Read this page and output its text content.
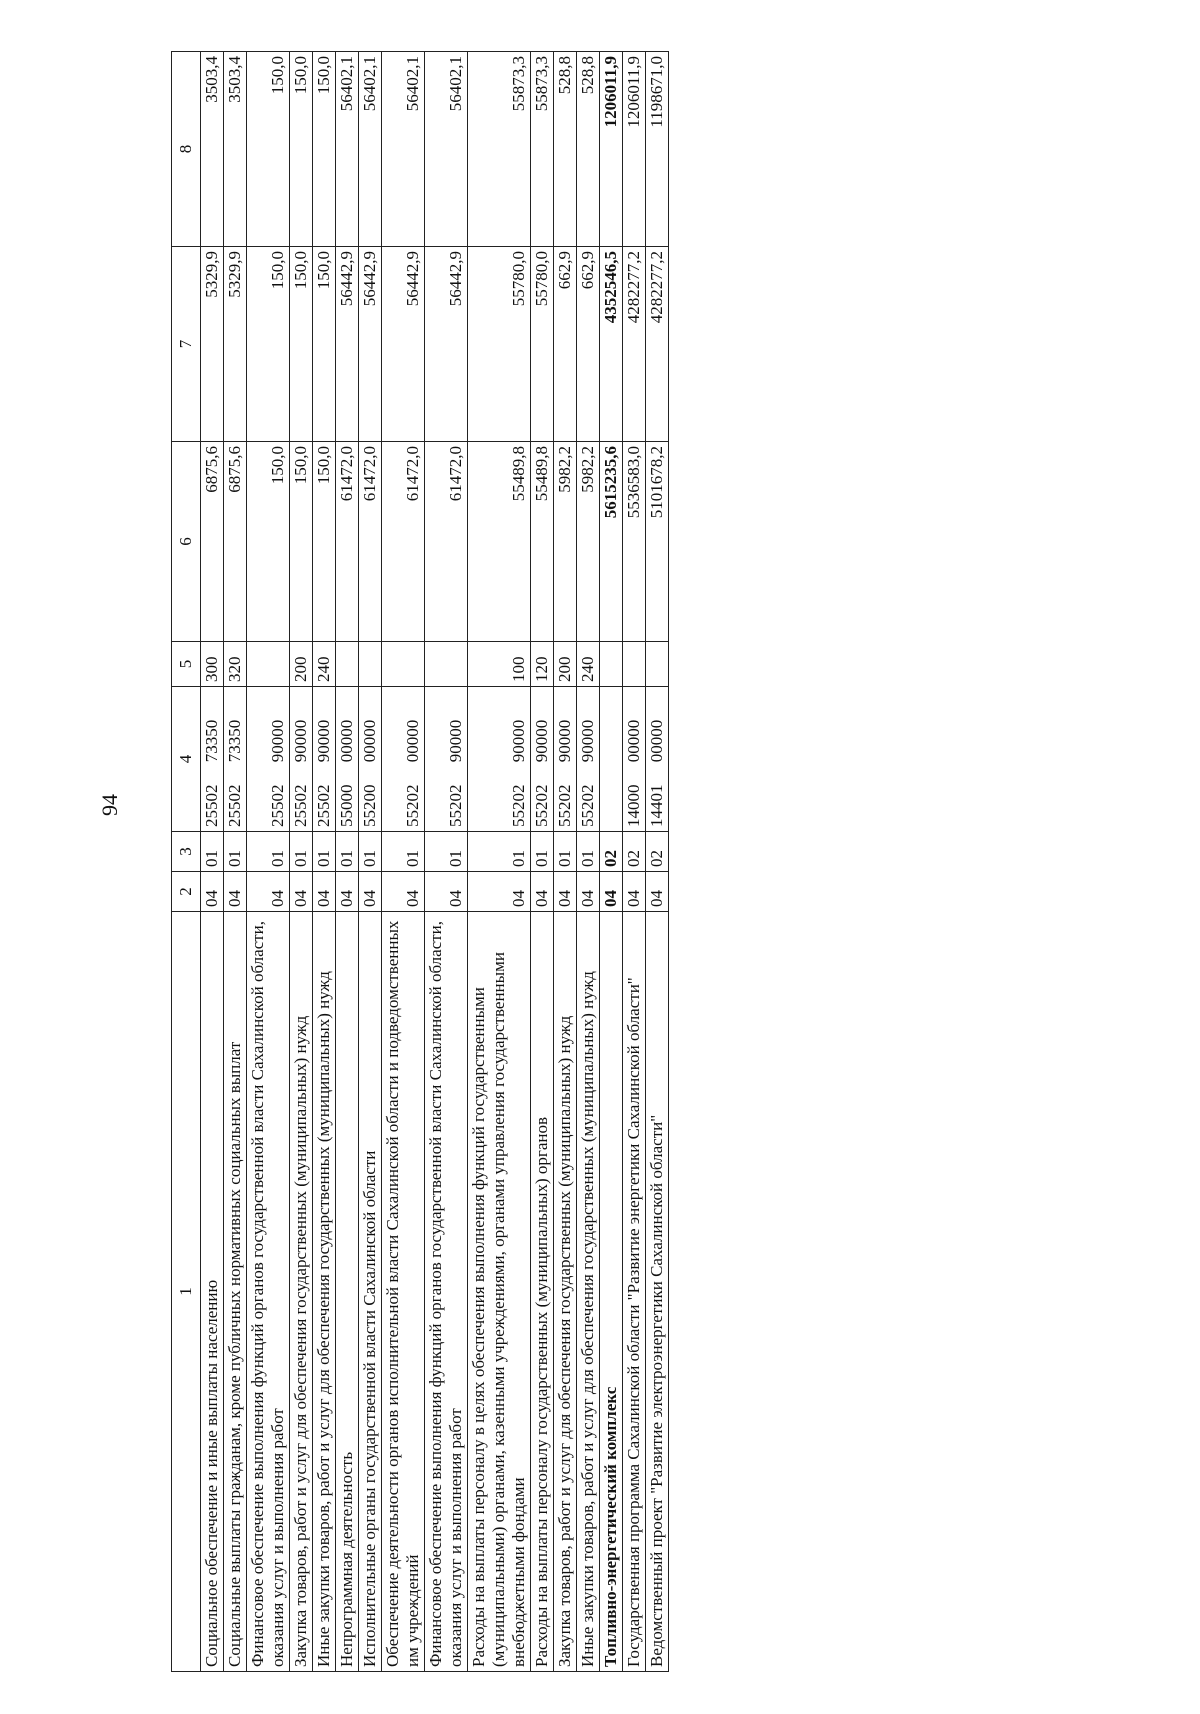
94
1	2	3	4	5	6	7	8
Социальное обеспечение и иные выплаты населению	04	01	25502 73350	300	6875,6	5329,9	3503,4
Социальные выплаты гражданам, кроме публичных нормативных социальных выплат	04	01	25502 73350	320	6875,6	5329,9	3503,4
Финансовое обеспечение выполнения функций органов государственной власти Сахалинской области, оказания услуг и выполнения работ	04	01	25502 90000		150,0	150,0	150,0
Закупка товаров, работ и услуг для обеспечения государственных (муниципальных) нужд	04	01	25502 90000	200	150,0	150,0	150,0
Иные закупки товаров, работ и услуг для обеспечения государственных (муниципальных) нужд	04	01	25502 90000	240	150,0	150,0	150,0
Непрограммная деятельность	04	01	55000 00000		61472,0	56442,9	56402,1
Исполнительные органы государственной власти Сахалинской области	04	01	55200 00000		61472,0	56442,9	56402,1
Обеспечение деятельности органов исполнительной власти Сахалинской области и подведомственных им учреждений	04	01	55202 00000		61472,0	56442,9	56402,1
Финансовое обеспечение выполнения функций органов государственной власти Сахалинской области, оказания услуг и выполнения работ	04	01	55202 90000		61472,0	56442,9	56402,1
Расходы на выплаты персоналу в целях обеспечения выполнения функций государственными (муниципальными) органами, казенными учреждениями, органами управления государственными внебюджетными фондами	04	01	55202 90000	100	55489,8	55780,0	55873,3
Расходы на выплаты персоналу государственных (муниципальных) органов	04	01	55202 90000	120	55489,8	55780,0	55873,3
Закупка товаров, работ и услуг для обеспечения государственных (муниципальных) нужд	04	01	55202 90000	200	5982,2	662,9	528,8
Иные закупки товаров, работ и услуг для обеспечения государственных (муниципальных) нужд	04	01	55202 90000	240	5982,2	662,9	528,8
Топливно-энергетический комплекс	04	02			5615235,6	4352546,5	1206011,9
Государственная программа Сахалинской области "Развитие энергетики Сахалинской области"	04	02	14000 00000		5536583,0	4282277,2	1206011,9
Ведомственный проект "Развитие электроэнергетики Сахалинской области"	04	02	14401 00000		5101678,2	4282277,2	1198671,0
